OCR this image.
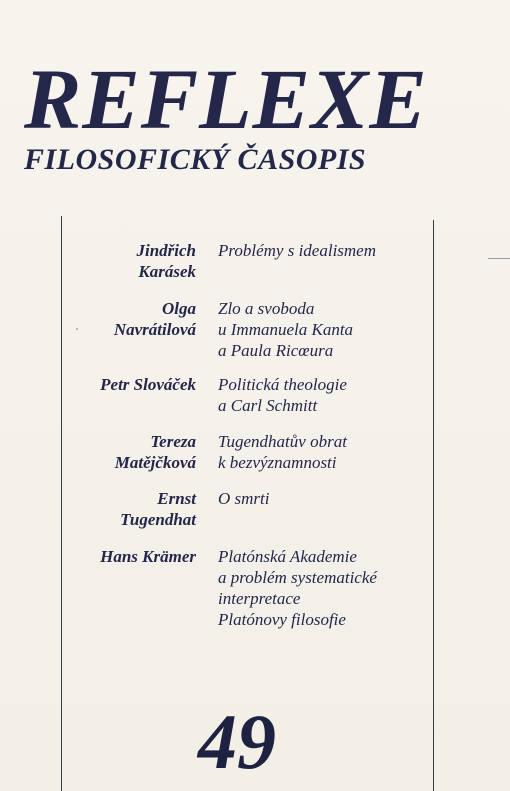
REFLEXE
FILOSOFICKÝ ČASOPIS
Jindřich
Karásek
Problémy s idealismem
Olga
Navrátilová
Zlo a svoboda
u Immanuela Kanta
a Paula Ricœura
Petr Slováček Politická theologie
a Carl Schmitt
Tereza
Matějčková
Tugendhatův obrat
k bezvýznamnosti
Ernst
Tugendhat
O smrti
Hans Krämer Platónská Akademie
a problém systematické
interpretace
Platónovy filosofie
49
